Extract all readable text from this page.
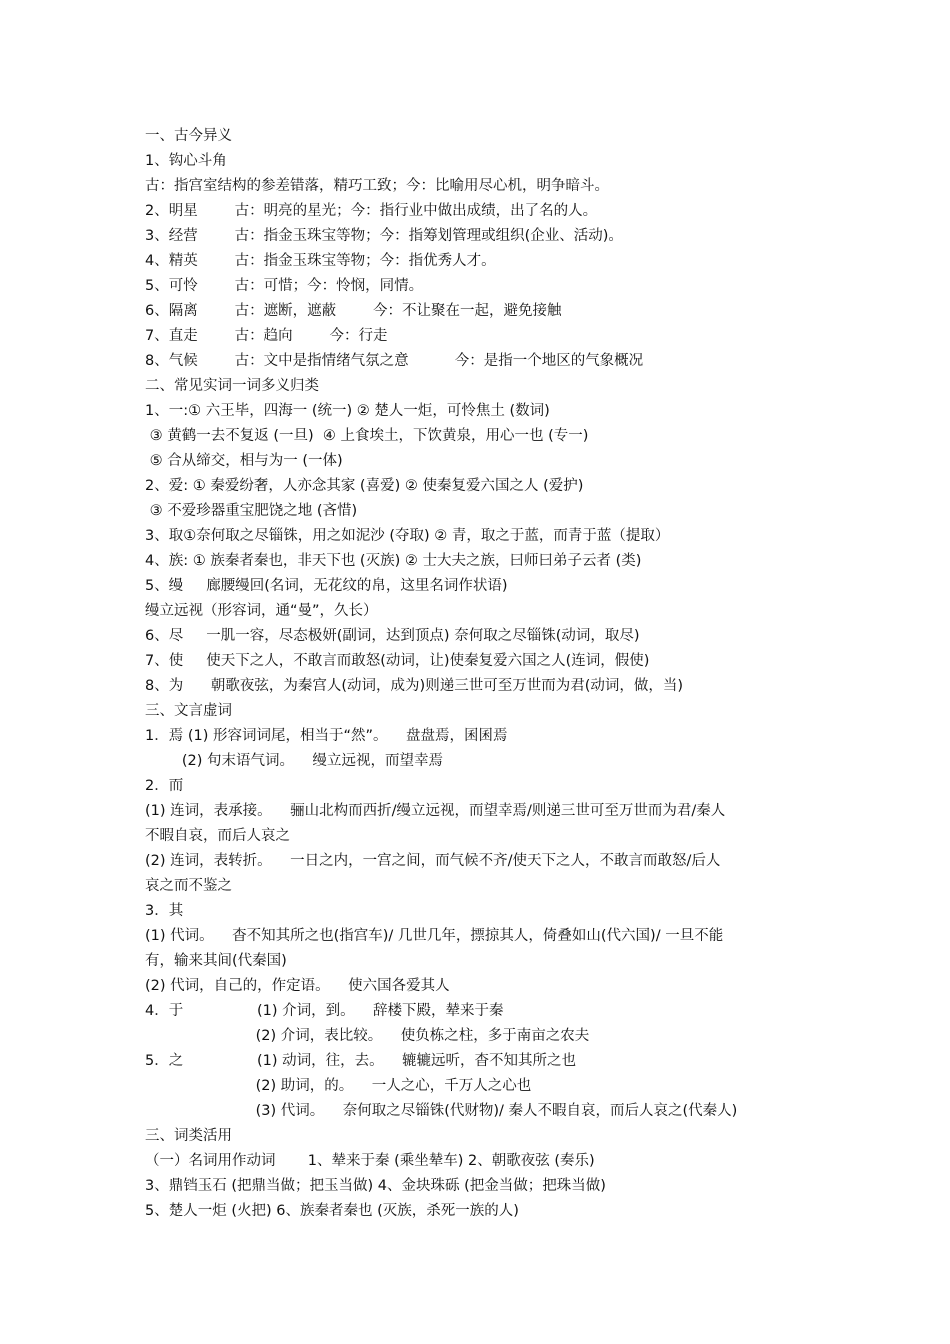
一、古今异义
1、钩心斗角
古：指宫室结构的参差错落，精巧工致；今：比喻用尽心机，明争暗斗。
2、明星        古：明亮的星光；今：指行业中做出成绩，出了名的人。
3、经营        古：指金玉珠宝等物；今：指筹划管理或组织(企业、活动)。
4、精英        古：指金玉珠宝等物；今：指优秀人才。
5、可怜        古：可惜；今：怜悯，同情。
6、隔离        古：遮断，遮蔽        今：不让聚在一起，避免接触
7、直走        古：趋向        今：行走
8、气候        古：文中是指情绪气氛之意          今：是指一个地区的气象概况
二、常见实词一词多义归类
1、一:① 六王毕，四海一 (统一) ② 楚人一炬，可怜焦土 (数词)
③ 黄鹤一去不复返 (一旦)  ④ 上食埃土，下饮黄泉，用心一也 (专一)
⑤ 合从缔交，相与为一 (一体)
2、爱: ① 秦爱纷奢，人亦念其家 (喜爱) ② 使秦复爱六国之人 (爱护)
③ 不爱珍器重宝肥饶之地 (吝惜)
3、取①奈何取之尽锱铢，用之如泥沙 (夺取) ② 青，取之于蓝，而青于蓝（提取）
4、族: ① 族秦者秦也，非天下也 (灭族) ② 士大夫之族，曰师曰弟子云者 (类)
5、缦     廊腰缦回(名词，无花纹的帛，这里名词作状语)
缦立远视（形容词，通“曼”，久长）
6、尽     一肌一容，尽态极妍(副词，达到顶点) 奈何取之尽锱铢(动词，取尽)
7、使     使天下之人，不敢言而敢怒(动词，让)使秦复爱六国之人(连词，假使)
8、为      朝歌夜弦，为秦宫人(动词，成为)则递三世可至万世而为君(动词，做，当)
三、文言虚词
1．焉 (1) 形容词词尾，相当于“然”。    盘盘焉，囷囷焉
(2) 句末语气词。    缦立远视，而望幸焉
2．而
(1) 连词，表承接。    骊山北构而西折/缦立远视，而望幸焉/则递三世可至万世而为君/秦人
不暇自哀，而后人哀之
(2) 连词，表转折。    一日之内，一宫之间，而气候不齐/使天下之人，不敢言而敢怒/后人
哀之而不鉴之
3．其
(1) 代词。    杳不知其所之也(指宫车)/ 几世几年，摽掠其人，倚叠如山(代六国)/ 一旦不能
有，输来其间(代秦国)
(2) 代词，自己的，作定语。    使六国各爱其人
4．于                (1) 介词，到。    辞楼下殿，辇来于秦
(2) 介词，表比较。    使负栋之柱，多于南亩之农夫
5．之                (1) 动词，往，去。    辘辘远听，杳不知其所之也
(2) 助词，的。    一人之心，千万人之心也
(3) 代词。    奈何取之尽锱铢(代财物)/ 秦人不暇自哀，而后人哀之(代秦人)
三、词类活用
（一）名词用作动词       1、辇来于秦 (乘坐辇车) 2、朝歌夜弦 (奏乐)
3、鼎铛玉石 (把鼎当做；把玉当做) 4、金块珠砾 (把金当做；把珠当做)
5、楚人一炬 (火把) 6、族秦者秦也 (灭族，杀死一族的人)
